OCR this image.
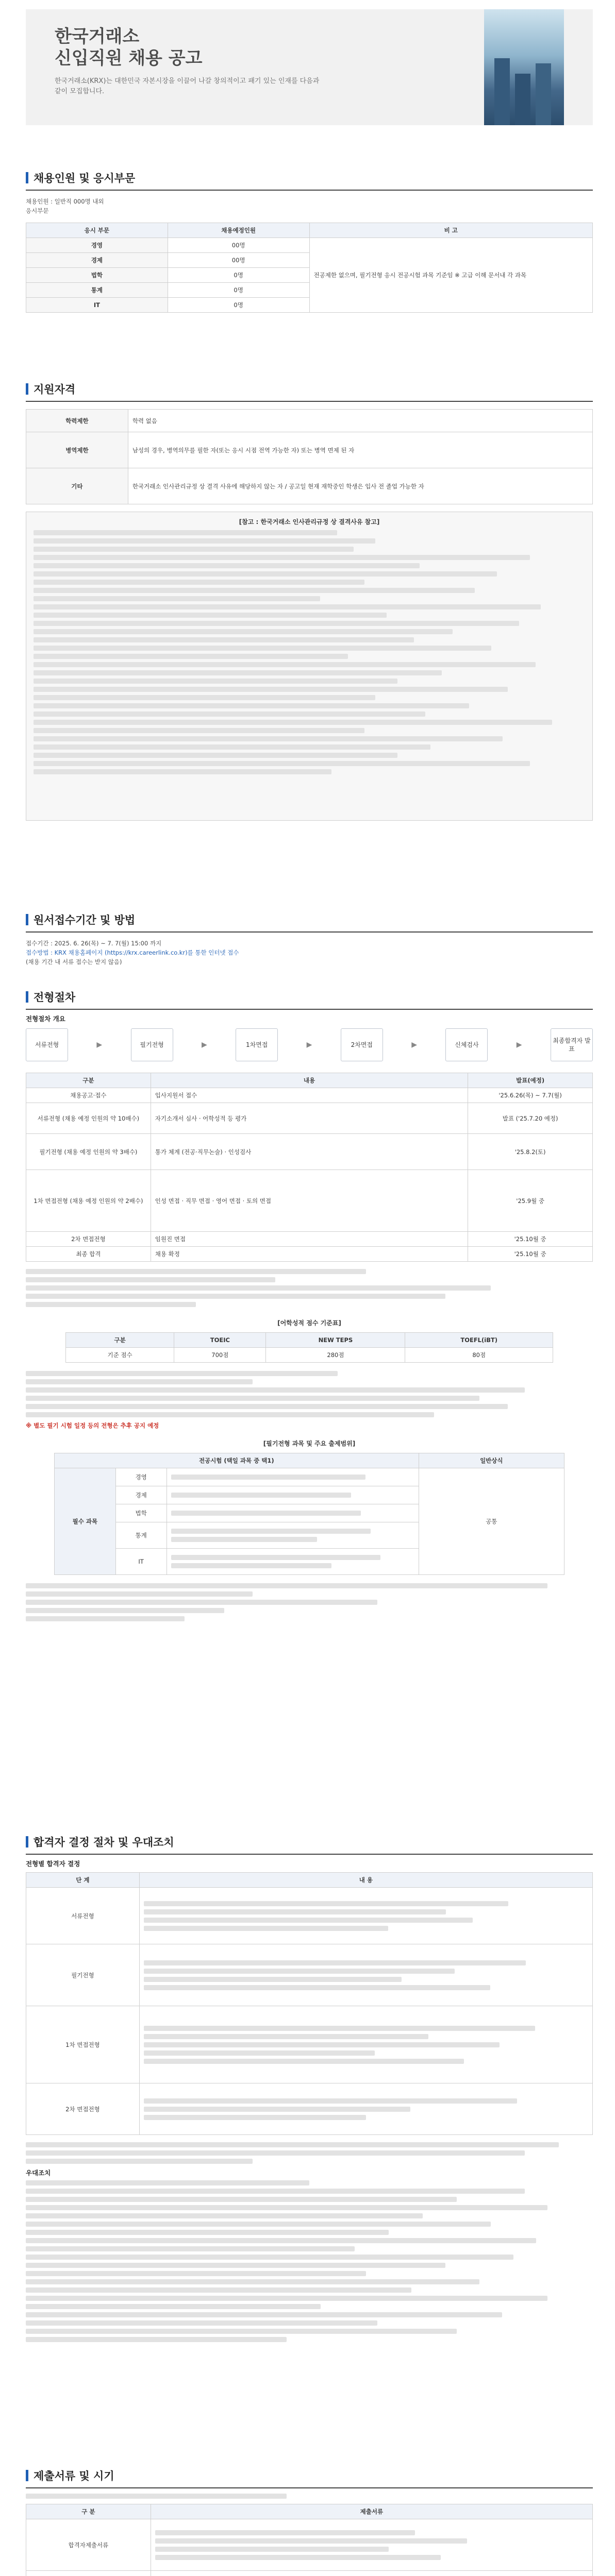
한국거래소
신입직원 채용 공고
한국거래소(KRX)는 대한민국 자본시장을 이끌어 나갈 창의적이고 패기 있는 인재를 다음과 같이 모집합니다.
채용인원 및 응시부문
채용인원 : 일반직 000명 내외
응시부문
응시 부문	채용예정인원	비 고
경영	00명	전공제한 없으며, 필기전형 응시 전공시험 과목 기준임 ※ 고급 이해 문서내 각 과목
경제	00명	
법학	0명	
통계	0명	
IT	0명	
지원자격
학력제한	학력 없음
병역제한	남성의 경우, 병역의무를 필한 자(또는 응시 시점 전역 가능한 자) 또는 병역 면제 된 자
기타	한국거래소 인사관리규정 상 결격 사유에 해당하지 않는 자 / 공고일 현재 재학중인 학생은 입사 전 졸업 가능한 자
[참고 : 한국거래소 인사관리규정 상 결격사유 참고]
원서접수기간 및 방법
접수기간 : 2025. 6. 26(목) ~ 7. 7(월) 15:00 까지
접수방법 : KRX 채용홈페이지 (https://krx.careerlink.co.kr)를 통한 인터넷 접수
(채용 기간 내 서류 접수는 받지 않음)
전형절차
전형절차 개요
서류전형	▶	필기전형	▶	1차면접	▶	2차면접	▶	신체검사	▶	최종합격자 발표
구분	내용	발표(예정)
채용공고·접수	입사지원서 접수	'25.6.26(목) ~ 7.7(월)
서류전형 (채용 예정 인원의 약 10배수)	자기소개서 심사 · 어학성적 등 평가	발표 ('25.7.20 예정)
필기전형 (채용 예정 인원의 약 3배수)	통가 체계 (전공·직무논술) · 인성검사	'25.8.2(토)
1차 면접전형 (채용 예정 인원의 약 2배수)	인성 면접 · 직무 면접 · 영어 면접 · 토의 면접	'25.9월 중
2차 면접전형	임원진 면접	'25.10월 중
최종 합격	채용 확정	'25.10월 중
[어학성적 점수 기준표]
구분	TOEIC	NEW TEPS	TOEFL(iBT)
기준 점수	700점	280점	80점
※ 별도 필기 시험 일정 등의 전형은 추후 공지 예정
[필기전형 과목 및 주요 출제범위]
전공시험 (택일 과목 중 택1)			일반상식
필수 과목	경영		공통
	경제		

	법학		

	통계		

	IT		
합격자 결정 절차 및 우대조치
전형별 합격자 결정
단 계	내 용
서류전형	

필기전형	

1차 면접전형	

2차 면접전형	
우대조치
제출서류 및 시기
구 분	제출서류
합격자제출서류	
